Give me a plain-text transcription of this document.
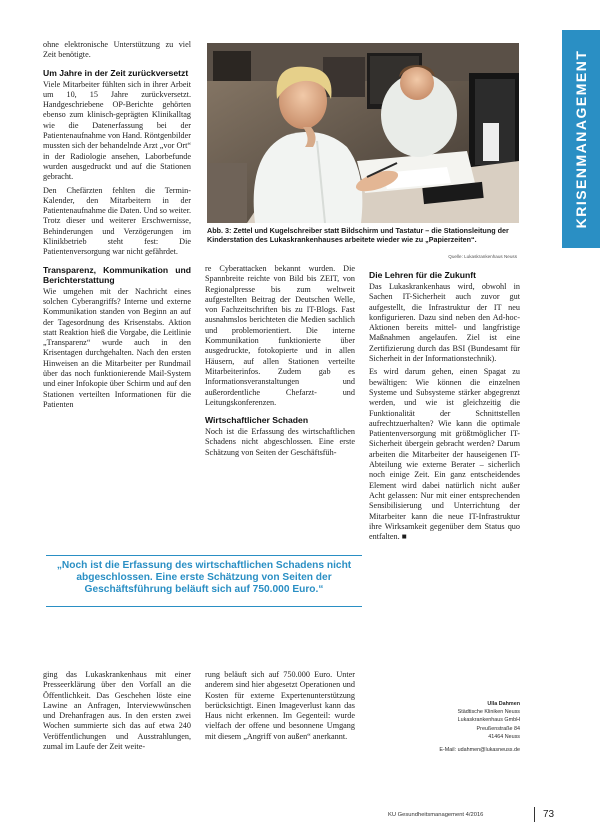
ohne elektronische Unterstützung zu viel Zeit benötigte.

Um Jahre in der Zeit zurückversetzt

Viele Mitarbeiter fühlten sich in ihrer Arbeit um 10, 15 Jahre zurückversetzt. Handgeschriebene OP-Berichte gehörten ebenso zum klinisch-geprägten Klinikalltag wie die Datenerfassung bei der Patientenaufnahme von Hand. Röntgenbilder mussten sich der behandelnde Arzt „vor Ort“ in der Radiologie ansehen, Laborbefunde wurden ausgedruckt und auf die Stationen gebracht.

Den Chefärzten fehlten die Termin-Kalender, den Mitarbeitern in der Patientenaufnahme die Daten. Und so weiter. Trotz dieser und weiterer Erschwernisse, Behinderungen und Verzögerungen im Klinikbetrieb steht fest: Die Patientenversorgung war nicht gefährdet.

Transparenz, Kommunikation und Berichterstattung

Wie umgehen mit der Nachricht eines solchen Cyberangriffs? Interne und externe Kommunikation standen von Beginn an auf der Tagesordnung des Krisenstabs. Aktion statt Reaktion hieß die Vorgabe, die Leitlinie „Transparenz“ wurde auch in den Krisentagen durchgehalten. Nach den ersten Hinweisen an die Mitarbeiter per Rundmail über das noch funktionierende Mail-System und einer Infokopie über Schirm und auf den Stationen verteilten Informationen für die Patienten

Abb. 3: Zettel und Kugelschreiber statt Bildschirm und Tastatur – die Stationsleitung der Kinderstation des Lukaskrankenhauses arbeitete wieder wie zu „Papierzeiten“.
Quelle: Lukaskrankenhaus Neuss
KRISENMANAGEMENT

re Cyberattacken bekannt wurden. Die Spannbreite reichte von Bild bis ZEIT, von Regionalpresse bis zum weltweit aufgestellten Beitrag der Deutschen Welle, von Fachzeitschriften bis zu IT-Blogs. Fast ausnahmslos berichteten die Medien sachlich und problemorientiert. Die interne Kommunikation funktionierte über ausgedruckte, fotokopierte und in allen Häusern, auf allen Stationen verteilte Mitarbeiterinfos. Zudem gab es Informationsveranstaltungen und außerordentliche Chefarzt- und Leitungskonferenzen.

Wirtschaftlicher Schaden

Noch ist die Erfassung des wirtschaftlichen Schadens nicht abgeschlossen. Eine erste Schätzung von Seiten der Geschäftsfüh-

Die Lehren für die Zukunft

Das Lukaskrankenhaus wird, obwohl in Sachen IT-Sicherheit auch zuvor gut aufgestellt, die Infrastruktur der IT neu konfigurieren. Dazu sind neben den Ad-hoc-Aktionen bereits mittel- und langfristige Maßnahmen angelaufen. Ziel ist eine Zertifizierung durch das BSI (Bundesamt für Sicherheit in der Informationstechnik).

Es wird darum gehen, einen Spagat zu bewältigen: Wie können die einzelnen Systeme und Subsysteme stärker abgegrenzt werden, und wie ist gleichzeitig die Funktionalität der Schnittstellen aufrechtzuerhalten? Wie kann die optimale Patientenversorgung mit größtmöglicher IT-Sicherheit übergein gebracht werden? Darum arbeiten die Mitarbeiter der hauseigenen IT-Abteilung wie externe Berater – sicherlich noch einige Zeit. Ein ganz entscheidendes Element wird dabei natürlich nicht außer Acht gelassen: Nur mit einer entsprechenden Sensibilisierung und Unterrichtung der Mitarbeiter kann die neue IT-Infrastruktur ihre Wirksamkeit gegenüber dem Status quo entfalten. ■

„Noch ist die Erfassung des wirtschaftlichen Schadens nicht abgeschlossen. Eine erste Schätzung von Seiten der Geschäftsführung beläuft sich auf 750.000 Euro.“

ging das Lukaskrankenhaus mit einer Presseerklärung über den Vorfall an die Öffentlichkeit. Das Geschehen löste eine Lawine an Anfragen, Interviewwünschen und Drehanfragen aus. In den ersten zwei Wochen summierte sich das auf etwa 240 Veröffentlichungen und Ausstrahlungen, zumal im Laufe der Zeit weite-

rung beläuft sich auf 750.000 Euro. Unter anderem sind hier abgesetzt Operationen und Kosten für externe Expertenunterstützung berücksichtigt. Einen Imageverlust kann das Haus nicht erkennen. Im Gegenteil: wurde vielfach der offene und besonnene Umgang mit diesem „Angriff von außen“ anerkannt.

Ulla Dahmen
Städtische Kliniken Neuss
Lukaskrankenhaus GmbH
Preußenstraße 84
41464 Neuss
E-Mail: udahmen@lukasneuss.de
KU Gesundheitsmanagement 4/2016	73
